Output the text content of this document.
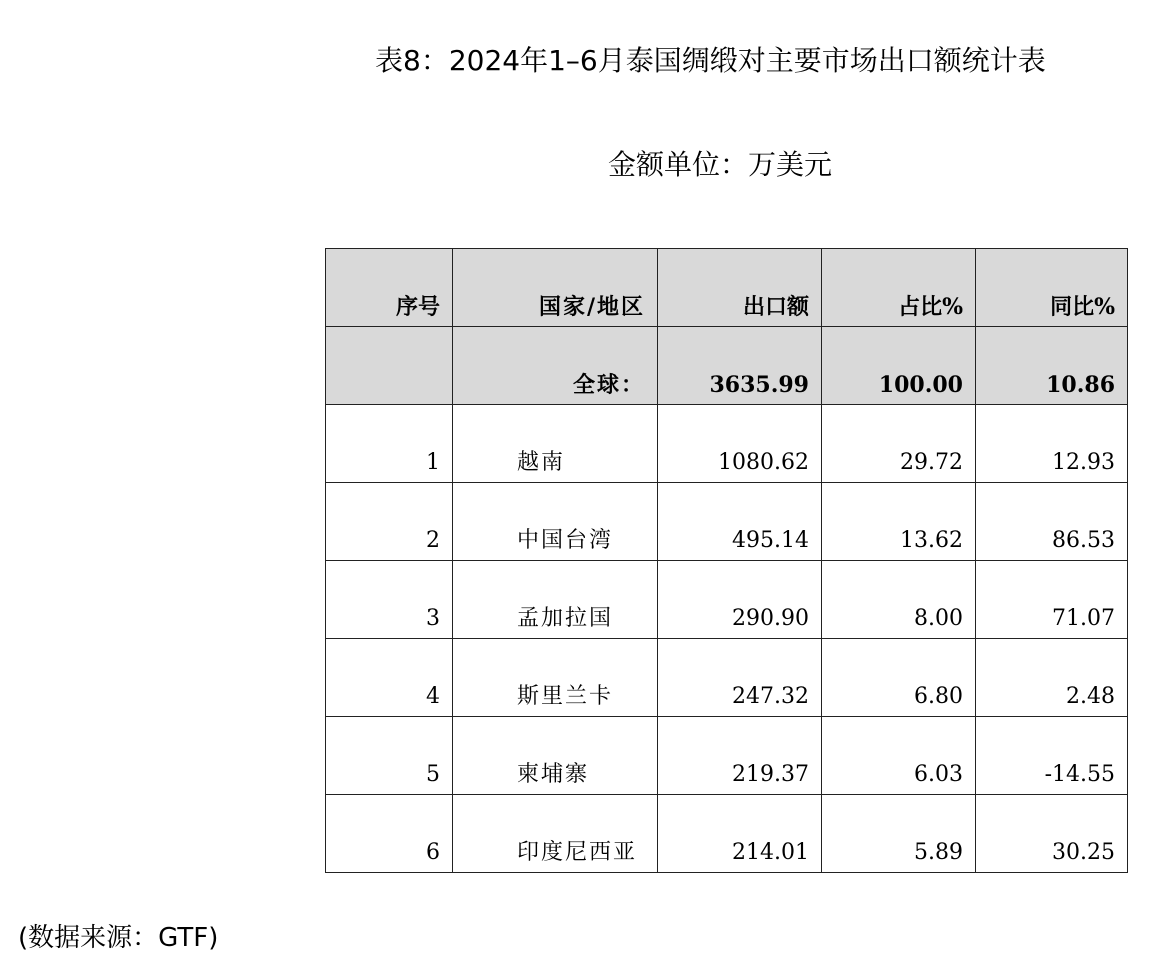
表8：2024年1–6月泰国绸缎对主要市场出口额统计表
金额单位：万美元
序号	国家/地区	出口额	占比%	同比%
	全球：	3635.99	100.00	10.86
1	越南	1080.62	29.72	12.93
2	中国台湾	495.14	13.62	86.53
3	孟加拉国	290.90	8.00	71.07
4	斯里兰卡	247.32	6.80	2.48
5	柬埔寨	219.37	6.03	-14.55
6	印度尼西亚	214.01	5.89	30.25
(数据来源：GTF)
